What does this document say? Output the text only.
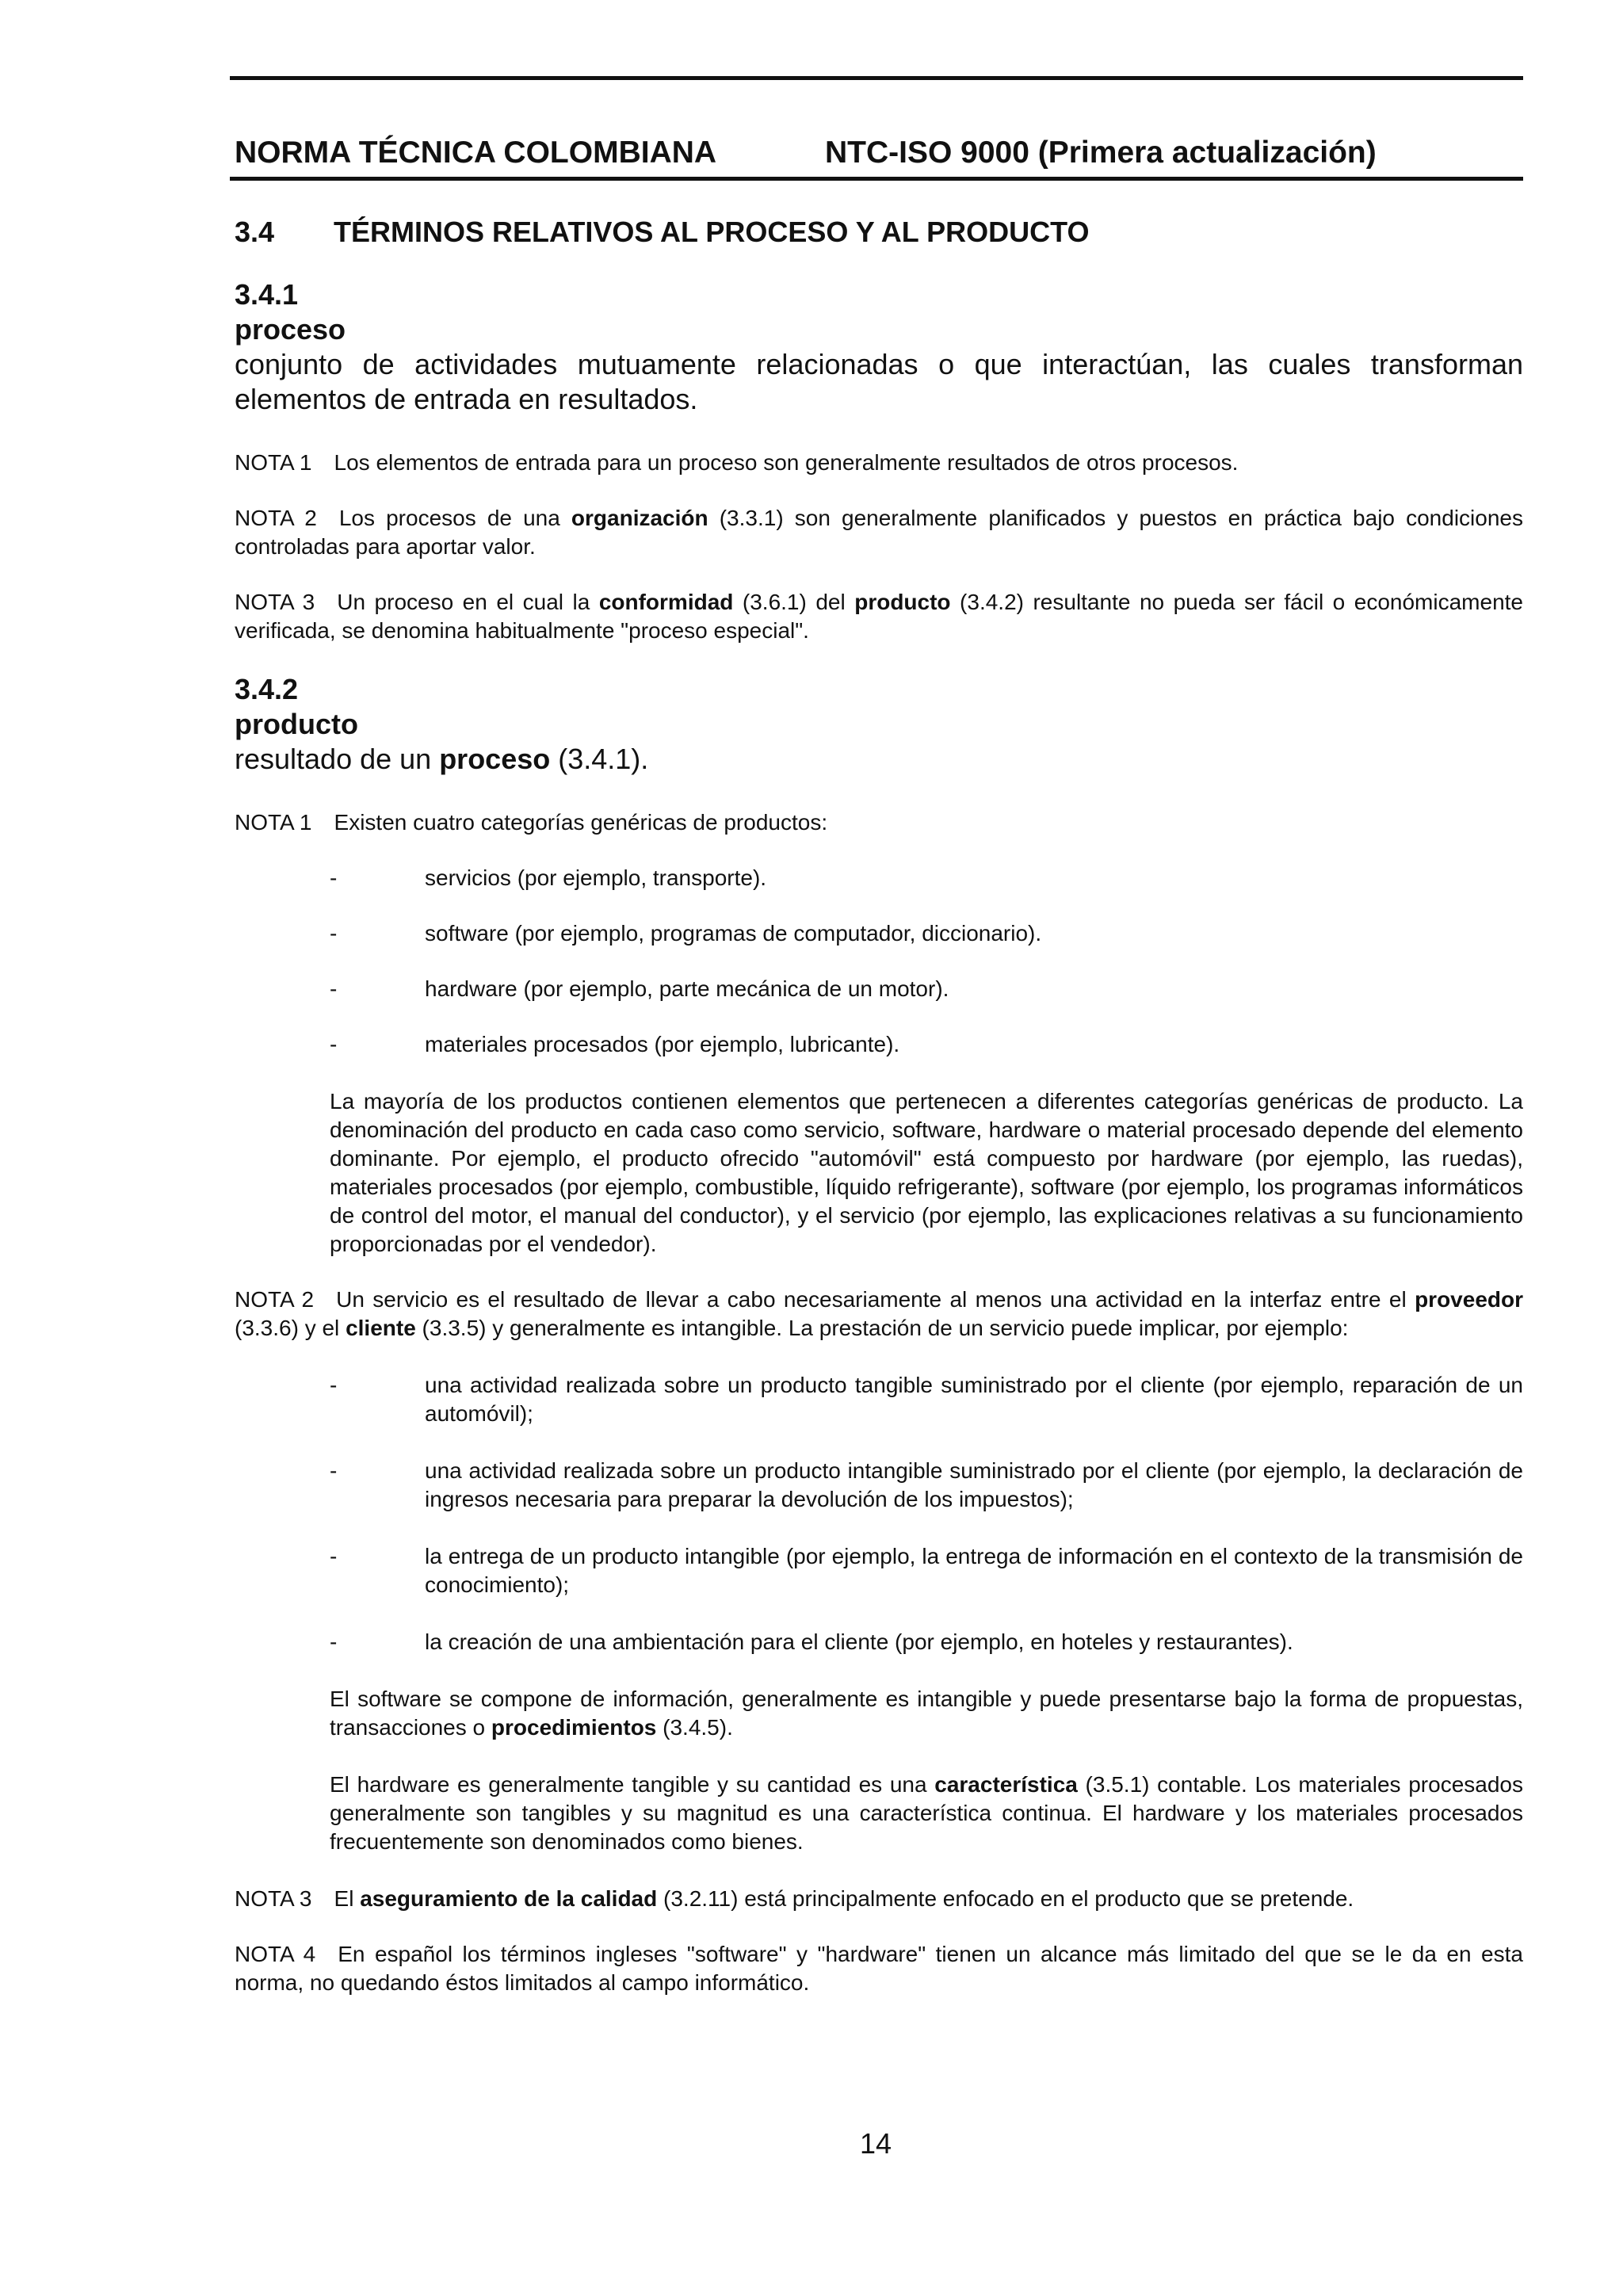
NORMA TÉCNICA COLOMBIANA	NTC-ISO 9000 (Primera actualización)
3.4	TÉRMINOS RELATIVOS AL PROCESO Y AL PRODUCTO
3.4.1
proceso
conjunto de actividades mutuamente relacionadas o que interactúan, las cuales transforman elementos de entrada en resultados.
NOTA 1 Los elementos de entrada para un proceso son generalmente resultados de otros procesos.
NOTA 2 Los procesos de una organización (3.3.1) son generalmente planificados y puestos en práctica bajo condiciones controladas para aportar valor.
NOTA 3 Un proceso en el cual la conformidad (3.6.1) del producto (3.4.2) resultante no pueda ser fácil o económicamente verificada, se denomina habitualmente "proceso especial".
3.4.2
producto
resultado de un proceso (3.4.1).
NOTA 1 Existen cuatro categorías genéricas de productos:
-	servicios (por ejemplo, transporte).
-	software (por ejemplo, programas de computador, diccionario).
-	hardware (por ejemplo, parte mecánica de un motor).
-	materiales procesados (por ejemplo, lubricante).
La mayoría de los productos contienen elementos que pertenecen a diferentes categorías genéricas de producto. La denominación del producto en cada caso como servicio, software, hardware o material procesado depende del elemento dominante. Por ejemplo, el producto ofrecido "automóvil" está compuesto por hardware (por ejemplo, las ruedas), materiales procesados (por ejemplo, combustible, líquido refrigerante), software (por ejemplo, los programas informáticos de control del motor, el manual del conductor), y el servicio (por ejemplo, las explicaciones relativas a su funcionamiento proporcionadas por el vendedor).
NOTA 2 Un servicio es el resultado de llevar a cabo necesariamente al menos una actividad en la interfaz entre el proveedor (3.3.6) y el cliente (3.3.5) y generalmente es intangible. La prestación de un servicio puede implicar, por ejemplo:
-	una actividad realizada sobre un producto tangible suministrado por el cliente (por ejemplo, reparación de un automóvil);
-	una actividad realizada sobre un producto intangible suministrado por el cliente (por ejemplo, la declaración de ingresos necesaria para preparar la devolución de los impuestos);
-	la entrega de un producto intangible (por ejemplo, la entrega de información en el contexto de la transmisión de conocimiento);
-	la creación de una ambientación para el cliente (por ejemplo, en hoteles y restaurantes).
El software se compone de información, generalmente es intangible y puede presentarse bajo la forma de propuestas, transacciones o procedimientos (3.4.5).
El hardware es generalmente tangible y su cantidad es una característica (3.5.1) contable. Los materiales procesados generalmente son tangibles y su magnitud es una característica continua. El hardware y los materiales procesados frecuentemente son denominados como bienes.
NOTA 3 El aseguramiento de la calidad (3.2.11) está principalmente enfocado en el producto que se pretende.
NOTA 4 En español los términos ingleses "software" y "hardware" tienen un alcance más limitado del que se le da en esta norma, no quedando éstos limitados al campo informático.
14
